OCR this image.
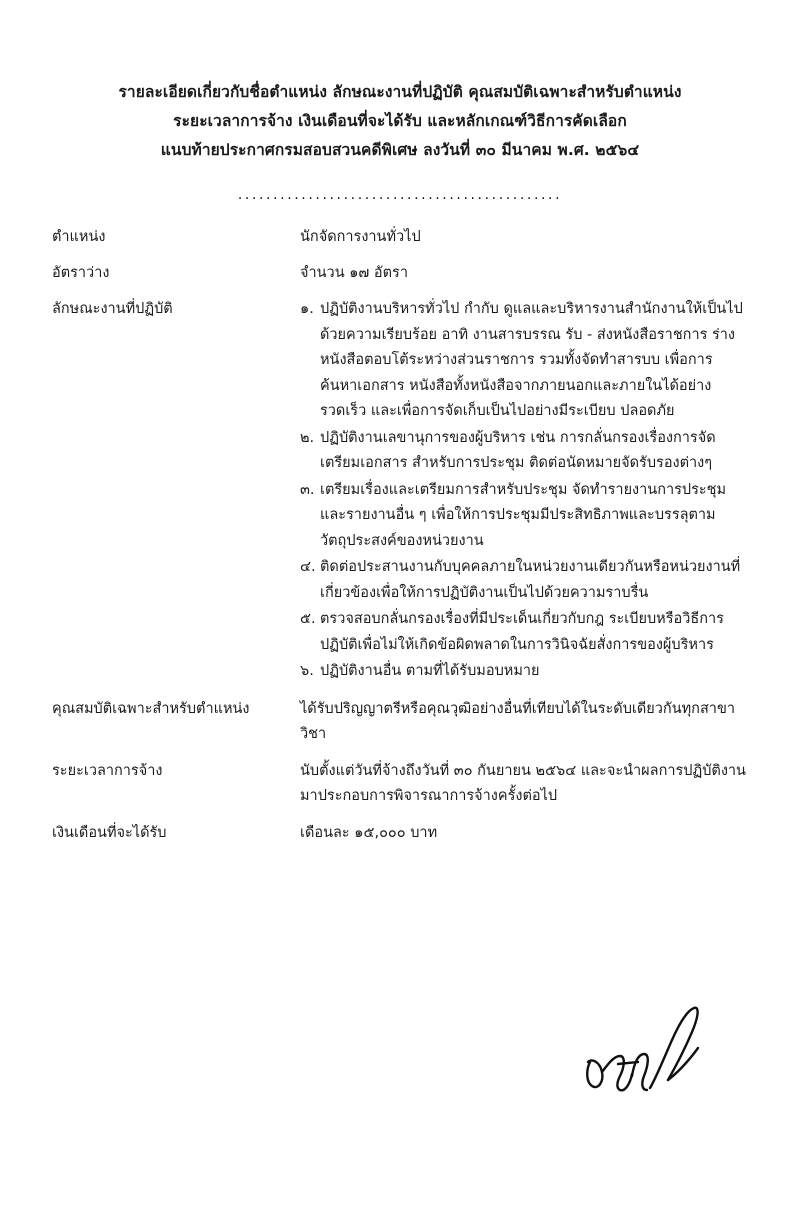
รายละเอียดเกี่ยวกับชื่อตำแหน่ง ลักษณะงานที่ปฏิบัติ คุณสมบัติเฉพาะสำหรับตำแหน่ง
ระยะเวลาการจ้าง เงินเดือนที่จะได้รับ และหลักเกณฑ์วิธีการคัดเลือก
แนบท้ายประกาศกรมสอบสวนคดีพิเศษ ลงวันที่ ๓๐ มีนาคม พ.ศ. ๒๕๖๔
..............................................
ตำแหน่ง	นักจัดการงานทั่วไป
อัตราว่าง	จำนวน ๑๗ อัตรา
ลักษณะงานที่ปฏิบัติ	๑. ปฏิบัติงานบริหารทั่วไป กำกับ ดูแลและบริหารงานสำนักงานให้เป็นไปด้วยความเรียบร้อย อาทิ งานสารบรรณ รับ - ส่งหนังสือราชการ ร่างหนังสือตอบโต้ระหว่างส่วนราชการ รวมทั้งจัดทำสารบบ เพื่อการค้นหาเอกสาร หนังสือทั้งหนังสือจากภายนอกและภายในได้อย่างรวดเร็ว และเพื่อการจัดเก็บเป็นไปอย่างมีระเบียบ ปลอดภัย
๒. ปฏิบัติงานเลขานุการของผู้บริหาร เช่น การกลั่นกรองเรื่องการจัดเตรียมเอกสาร สำหรับการประชุม ติดต่อนัดหมายจัดรับรองต่างๆ
๓. เตรียมเรื่องและเตรียมการสำหรับประชุม จัดทำรายงานการประชุมและรายงานอื่น ๆ เพื่อให้การประชุมมีประสิทธิภาพและบรรลุตามวัตถุประสงค์ของหน่วยงาน
๔. ติดต่อประสานงานกับบุคคลภายในหน่วยงานเดียวกันหรือหน่วยงานที่เกี่ยวข้องเพื่อให้การปฏิบัติงานเป็นไปด้วยความราบรื่น
๕. ตรวจสอบกลั่นกรองเรื่องที่มีประเด็นเกี่ยวกับกฎ ระเบียบหรือวิธีการปฏิบัติเพื่อไม่ให้เกิดข้อผิดพลาดในการวินิจฉัยสั่งการของผู้บริหาร
๖. ปฏิบัติงานอื่น ตามที่ได้รับมอบหมาย
คุณสมบัติเฉพาะสำหรับตำแหน่ง	ได้รับปริญญาตรีหรือคุณวุฒิอย่างอื่นที่เทียบได้ในระดับเดียวกันทุกสาขาวิชา
ระยะเวลาการจ้าง	นับตั้งแต่วันที่จ้างถึงวันที่ ๓๐ กันยายน ๒๕๖๔ และจะนำผลการปฏิบัติงานมาประกอบการพิจารณาการจ้างครั้งต่อไป
เงินเดือนที่จะได้รับ	เดือนละ ๑๕,๐๐๐ บาท
